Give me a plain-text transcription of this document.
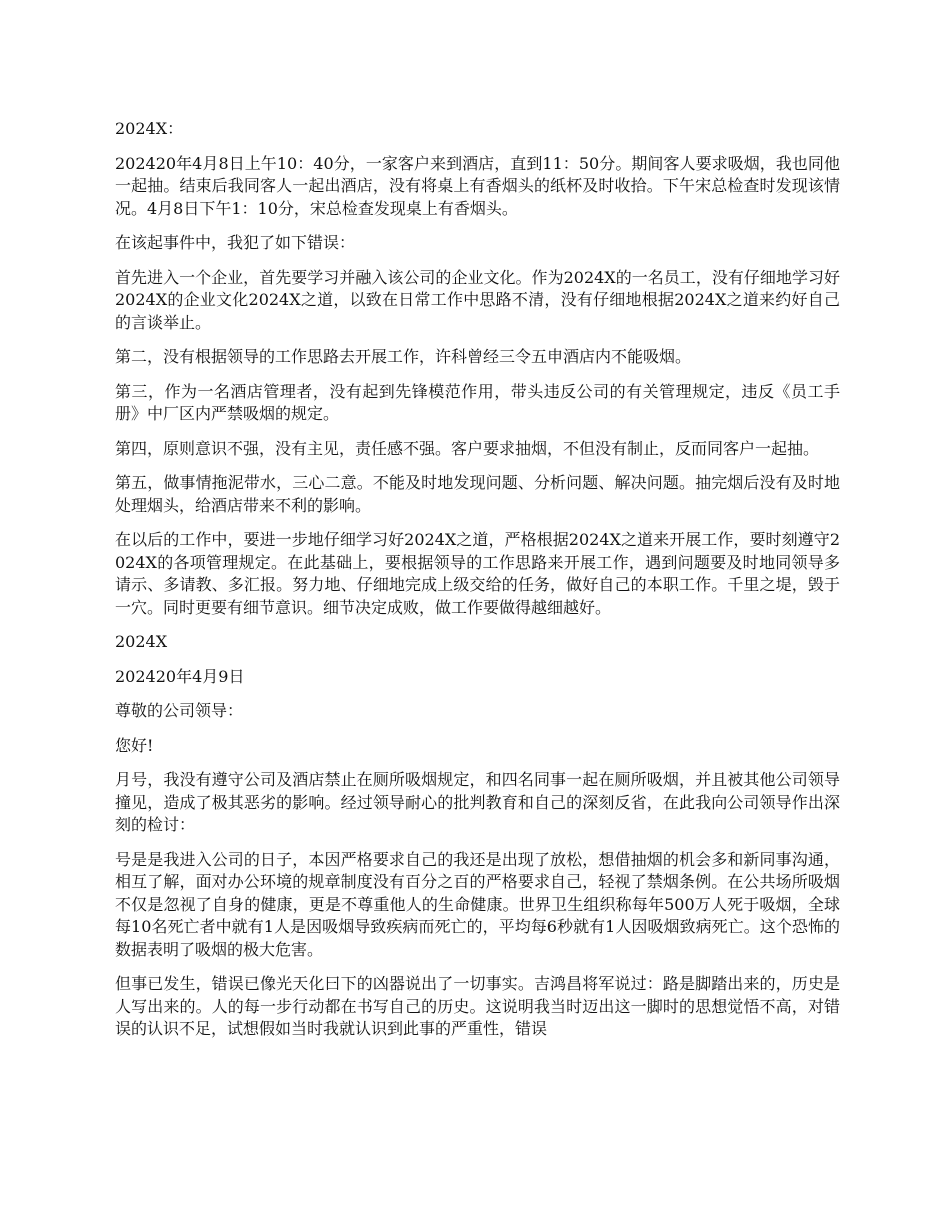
2024X：

202420年4月8日上午10：40分，一家客户来到酒店，直到11：50分。期间客人要求吸烟，我也同他一起抽。结束后我同客人一起出酒店，没有将桌上有香烟头的纸杯及时收拾。下午宋总检查时发现该情况。4月8日下午1：10分，宋总检查发现桌上有香烟头。

在该起事件中，我犯了如下错误：

首先进入一个企业，首先要学习并融入该公司的企业文化。作为2024X的一名员工，没有仔细地学习好2024X的企业文化2024X之道，以致在日常工作中思路不清，没有仔细地根据2024X之道来约好自己的言谈举止。

第二，没有根据领导的工作思路去开展工作，许科曾经三令五申酒店内不能吸烟。

第三，作为一名酒店管理者，没有起到先锋模范作用，带头违反公司的有关管理规定，违反《员工手册》中厂区内严禁吸烟的规定。

第四，原则意识不强，没有主见，责任感不强。客户要求抽烟，不但没有制止，反而同客户一起抽。

第五，做事情拖泥带水，三心二意。不能及时地发现问题、分析问题、解决问题。抽完烟后没有及时地处理烟头，给酒店带来不利的影响。

在以后的工作中，要进一步地仔细学习好2024X之道，严格根据2024X之道来开展工作，要时刻遵守2024X的各项管理规定。在此基础上，要根据领导的工作思路来开展工作，遇到问题要及时地同领导多请示、多请教、多汇报。努力地、仔细地完成上级交给的任务，做好自己的本职工作。千里之堤，毁于一穴。同时更要有细节意识。细节决定成败，做工作要做得越细越好。

2024X

202420年4月9日

尊敬的公司领导：

您好!

月号，我没有遵守公司及酒店禁止在厕所吸烟规定，和四名同事一起在厕所吸烟，并且被其他公司领导撞见，造成了极其恶劣的影响。经过领导耐心的批判教育和自己的深刻反省，在此我向公司领导作出深刻的检讨：

号是是我进入公司的日子，本因严格要求自己的我还是出现了放松，想借抽烟的机会多和新同事沟通，相互了解，面对办公环境的规章制度没有百分之百的严格要求自己，轻视了禁烟条例。在公共场所吸烟不仅是忽视了自身的健康，更是不尊重他人的生命健康。世界卫生组织称每年500万人死于吸烟，全球每10名死亡者中就有1人是因吸烟导致疾病而死亡的，平均每6秒就有1人因吸烟致病死亡。这个恐怖的数据表明了吸烟的极大危害。

但事已发生，错误已像光天化曰下的凶器说出了一切事实。吉鸿昌将军说过：路是脚踏出来的，历史是人写出来的。人的每一步行动都在书写自己的历史。这说明我当时迈出这一脚时的思想觉悟不高，对错误的认识不足，试想假如当时我就认识到此事的严重性，错误
